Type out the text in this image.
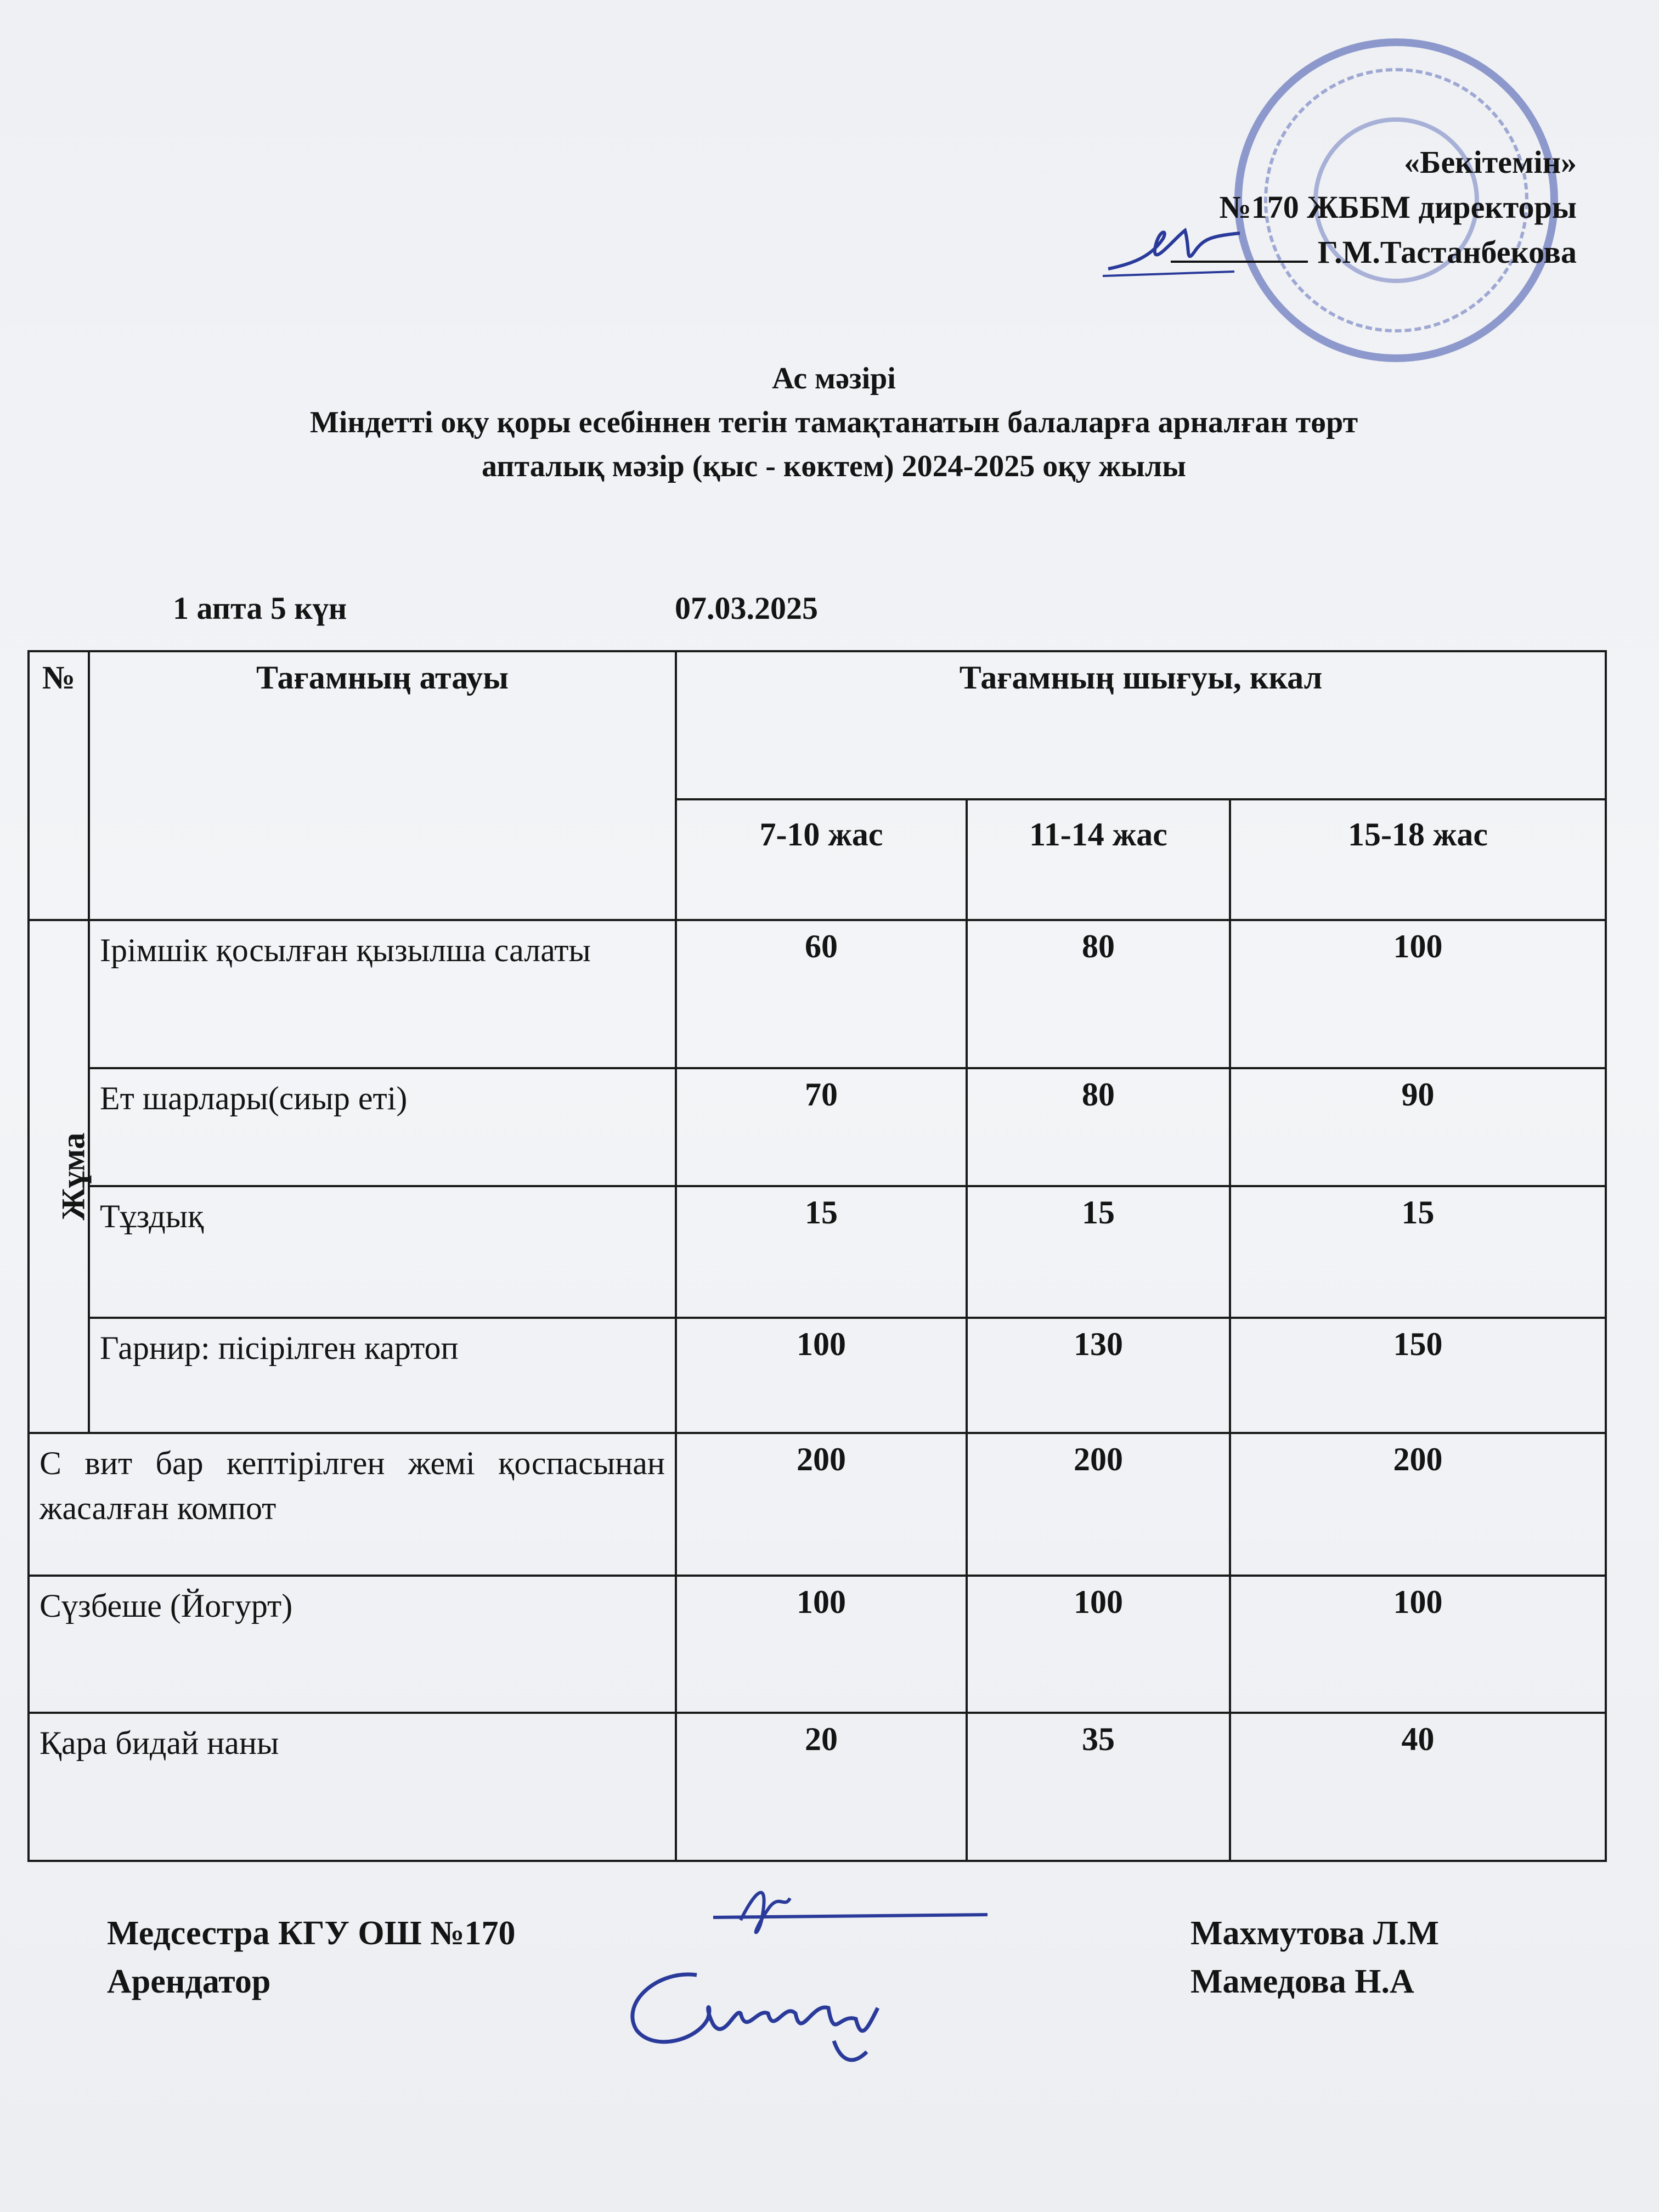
«Бекітемін»
№170 ЖББМ директоры
Г.М.Тастанбекова
Ас мәзірі
Міндетті оқу қоры есебіннен тегін тамақтанатын балаларға арналған төрт
апталық мәзір (қыс - көктем) 2024-2025 оқу жылы
1 апта 5 күн	07.03.2025
№	Тағамның атауы	Тағамның шығуы, ккал		
		7-10 жас	11-14 жас	15-18 жас
Жұма	Ірімшік қосылған қызылша салаты	60	80	100
	Ет шарлары(сиыр еті)	70	80	90
	Тұздық	15	15	15
	Гарнир: пісірілген картоп	100	130	150
С вит бар кептірілген жемі қоспасынан жасалған компот		200	200	200
Сүзбеше (Йогурт)		100	100	100
Қара бидай наны		20	35	40
Медсестра КГУ ОШ №170
Арендатор
Махмутова Л.М
Мамедова Н.А
